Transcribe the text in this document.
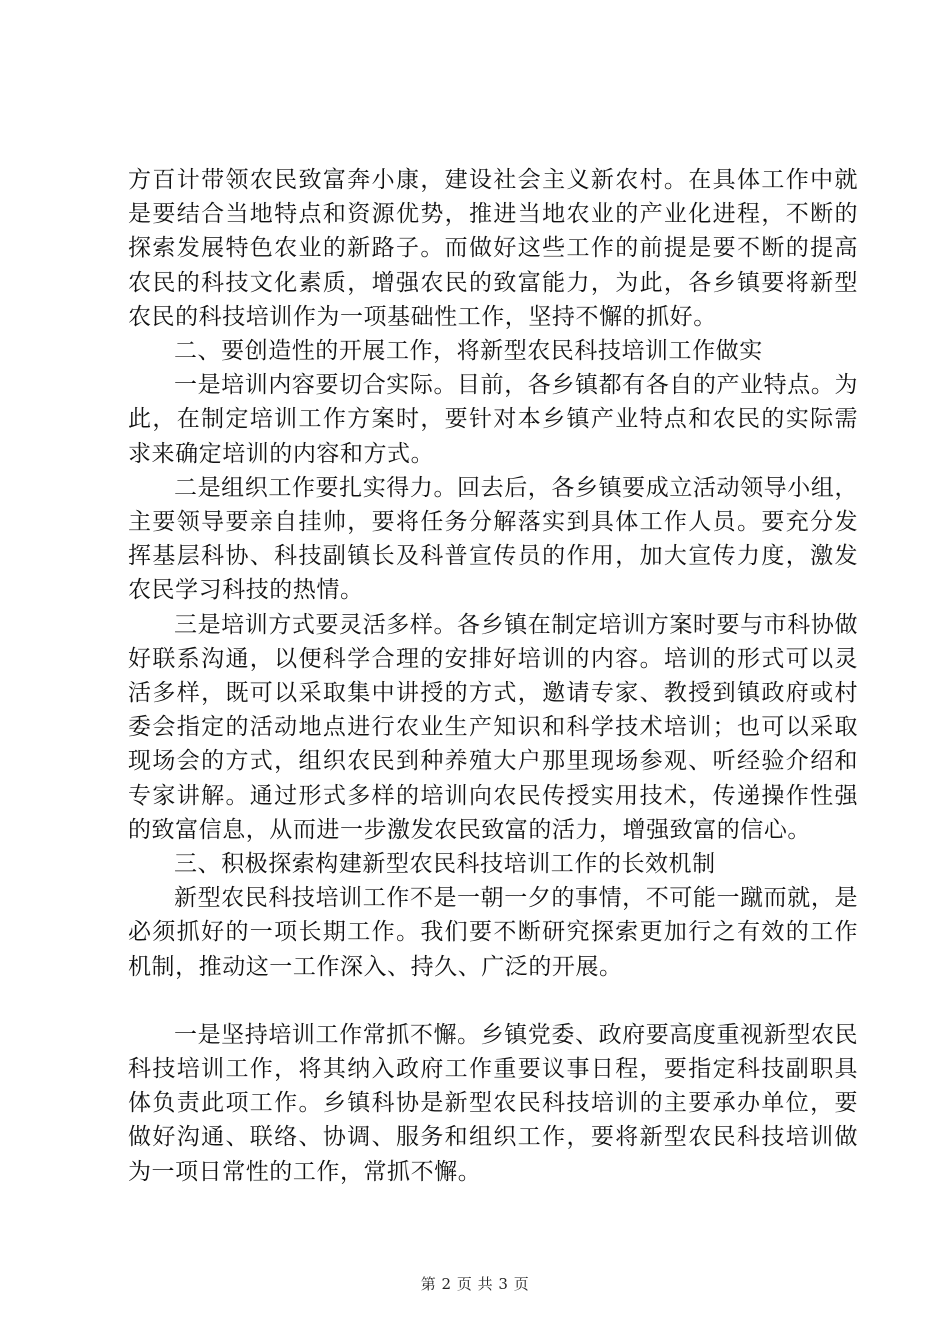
方百计带领农民致富奔小康，建设社会主义新农村。在具体工作中就是要结合当地特点和资源优势，推进当地农业的产业化进程，不断的探索发展特色农业的新路子。而做好这些工作的前提是要不断的提高农民的科技文化素质，增强农民的致富能力，为此，各乡镇要将新型农民的科技培训作为一项基础性工作，坚持不懈的抓好。

二、要创造性的开展工作，将新型农民科技培训工作做实

一是培训内容要切合实际。目前，各乡镇都有各自的产业特点。为此，在制定培训工作方案时，要针对本乡镇产业特点和农民的实际需求来确定培训的内容和方式。

二是组织工作要扎实得力。回去后，各乡镇要成立活动领导小组，主要领导要亲自挂帅，要将任务分解落实到具体工作人员。要充分发挥基层科协、科技副镇长及科普宣传员的作用，加大宣传力度，激发农民学习科技的热情。

三是培训方式要灵活多样。各乡镇在制定培训方案时要与市科协做好联系沟通，以便科学合理的安排好培训的内容。培训的形式可以灵活多样，既可以采取集中讲授的方式，邀请专家、教授到镇政府或村委会指定的活动地点进行农业生产知识和科学技术培训；也可以采取现场会的方式，组织农民到种养殖大户那里现场参观、听经验介绍和专家讲解。通过形式多样的培训向农民传授实用技术，传递操作性强的致富信息，从而进一步激发农民致富的活力，增强致富的信心。

三、积极探索构建新型农民科技培训工作的长效机制

新型农民科技培训工作不是一朝一夕的事情，不可能一蹴而就，是必须抓好的一项长期工作。我们要不断研究探索更加行之有效的工作机制，推动这一工作深入、持久、广泛的开展。

一是坚持培训工作常抓不懈。乡镇党委、政府要高度重视新型农民科技培训工作，将其纳入政府工作重要议事日程，要指定科技副职具体负责此项工作。乡镇科协是新型农民科技培训的主要承办单位，要做好沟通、联络、协调、服务和组织工作，要将新型农民科技培训做为一项日常性的工作，常抓不懈。

第 2 页 共 3 页
